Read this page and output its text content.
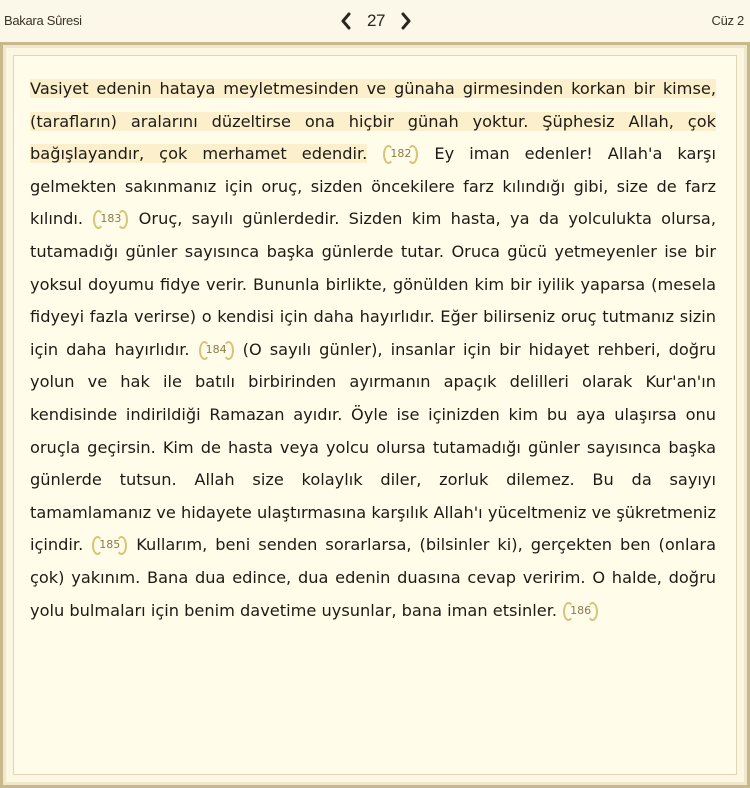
Bakara Sûresi	27	Cüz 2
Vasiyet edenin hataya meyletmesinden ve günaha girmesinden korkan bir kimse, (tarafların) aralarını düzeltirse ona hiçbir günah yoktur. Şüphesiz Allah, çok bağışlayandır, çok merhamet edendir. 182 Ey iman edenler! Allah'a karşı gelmekten sakınmanız için oruç, sizden öncekilere farz kılındığı gibi, size de farz kılındı. 183 Oruç, sayılı günlerdedir. Sizden kim hasta, ya da yolculukta olursa, tutamadığı günler sayısınca başka günlerde tutar. Oruca gücü yetmeyenler ise bir yoksul doyumu fidye verir. Bununla birlikte, gönülden kim bir iyilik yaparsa (mesela fidyeyi fazla verirse) o kendisi için daha hayırlıdır. Eğer bilirseniz oruç tutmanız sizin için daha hayırlıdır. 184 (O sayılı günler), insanlar için bir hidayet rehberi, doğru yolun ve hak ile batılı birbirinden ayırmanın apaçık delilleri olarak Kur'an'ın kendisinde indirildiği Ramazan ayıdır. Öyle ise içinizden kim bu aya ulaşırsa onu oruçla geçirsin. Kim de hasta veya yolcu olursa tutamadığı günler sayısınca başka günlerde tutsun. Allah size kolaylık diler, zorluk dilemez. Bu da sayıyı tamamlamanız ve hidayete ulaştırmasına karşılık Allah'ı yüceltmeniz ve şükretmeniz içindir. 185 Kullarım, beni senden sorarlarsa, (bilsinler ki), gerçekten ben (onlara çok) yakınım. Bana dua edince, dua edenin duasına cevap veririm. O halde, doğru yolu bulmaları için benim davetime uysunlar, bana iman etsinler. 186
